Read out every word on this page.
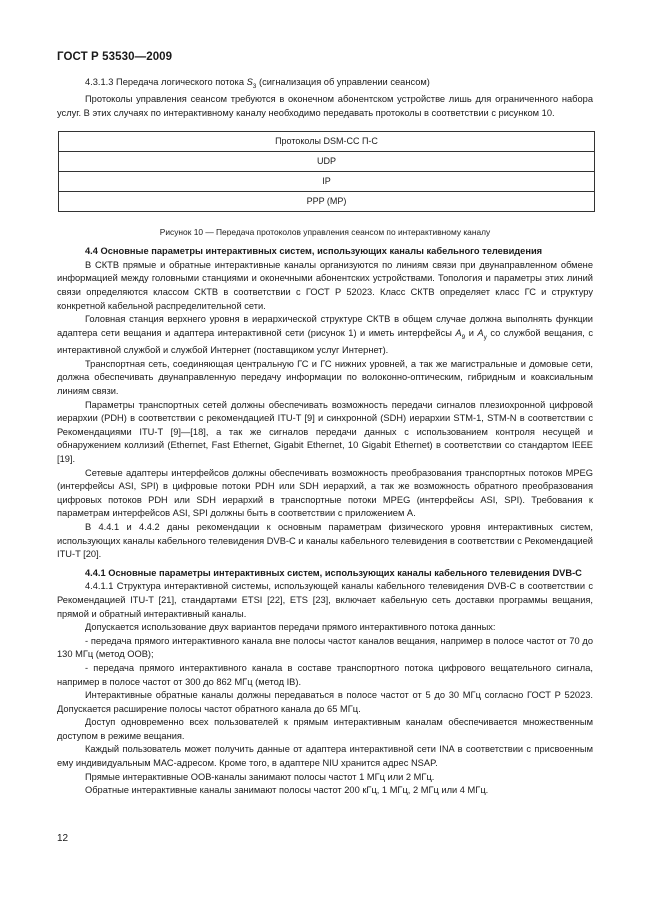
ГОСТ Р 53530—2009

4.3.1.3 Передача логического потока $S_3$ (сигнализация об управлении сеансом)

Протоколы управления сеансом требуются в оконечном абонентском устройстве лишь для ограниченного набора услуг. В этих случаях по интерактивному каналу необходимо передавать протоколы в соответствии с рисунком 10.

Протоколы DSM-CC П-С
UDP
IP
PPP (MP)

Рисунок 10 — Передача протоколов управления сеансом по интерактивному каналу

4.4 Основные параметры интерактивных систем, использующих каналы кабельного телевидения

В СКТВ прямые и обратные интерактивные каналы организуются по линиям связи при двунаправленном обмене информацией между головными станциями и оконечными абонентских устройствами. Топология и параметры этих линий связи определяются классом СКТВ в соответствии с ГОСТ Р 52023. Класс СКТВ определяет класс ГС и структуру конкретной кабельной распределительной сети.

Головная станция верхнего уровня в иерархической структуре СКТВ в общем случае должна выполнять функции адаптера сети вещания и адаптера интерактивной сети (рисунок 1) и иметь интерфейсы $A_9$ и $A_y$ со службой вещания, с интерактивной службой и службой Интернет (поставщиком услуг Интернет).

Транспортная сеть, соединяющая центральную ГС и ГС нижних уровней, а так же магистральные и домовые сети, должна обеспечивать двунаправленную передачу информации по волоконно-оптическим, гибридным и коаксиальным линиям связи.

Параметры транспортных сетей должны обеспечивать возможность передачи сигналов плезиохронной цифровой иерархии (PDH) в соответствии с рекомендацией ITU-T [9] и синхронной (SDH) иерархии STM-1, STM-N в соответствии с Рекомендациями ITU-T [9]—[18], а так же сигналов передачи данных с использованием контроля несущей и обнаружением коллизий (Ethernet, Fast Ethernet, Gigabit Ethernet, 10 Gigabit Ethernet) в соответствии со стандартом IEEE [19].

Сетевые адаптеры интерфейсов должны обеспечивать возможность преобразования транспортных потоков MPEG (интерфейсы ASI, SPI) в цифровые потоки PDH или SDH иерархий, а так же возможность обратного преобразования цифровых потоков PDH или SDH иерархий в транспортные потоки MPEG (интерфейсы ASI, SPI). Требования к параметрам интерфейсов ASI, SPI должны быть в соответствии с приложением А.

В 4.4.1 и 4.4.2 даны рекомендации к основным параметрам физического уровня интерактивных систем, использующих каналы кабельного телевидения DVB-C и каналы кабельного телевидения в соответствии с Рекомендацией ITU-T [20].

4.4.1 Основные параметры интерактивных систем, использующих каналы кабельного телевидения DVB-C

4.4.1.1 Структура интерактивной системы, использующей каналы кабельного телевидения DVB-C в соответствии с Рекомендацией ITU-T [21], стандартами ETSI [22], ETS [23], включает кабельную сеть доставки программы вещания, прямой и обратный интерактивный каналы.

Допускается использование двух вариантов передачи прямого интерактивного потока данных:

- передача прямого интерактивного канала вне полосы частот каналов вещания, например в полосе частот от 70 до 130 МГц (метод OOB);

- передача прямого интерактивного канала в составе транспортного потока цифрового вещательного сигнала, например в полосе частот от 300 до 862 МГц (метод IB).

Интерактивные обратные каналы должны передаваться в полосе частот от 5 до 30 МГц согласно ГОСТ Р 52023. Допускается расширение полосы частот обратного канала до 65 МГц.

Доступ одновременно всех пользователей к прямым интерактивным каналам обеспечивается множественным доступом в режиме вещания.

Каждый пользователь может получить данные от адаптера интерактивной сети INA в соответствии с присвоенным ему индивидуальным МАС-адресом. Кроме того, в адаптере NIU хранится адрес NSAP.

Прямые интерактивные OOB-каналы занимают полосы частот 1 МГц или 2 МГц.

Обратные интерактивные каналы занимают полосы частот 200 кГц, 1 МГц, 2 МГц или 4 МГц.

12
